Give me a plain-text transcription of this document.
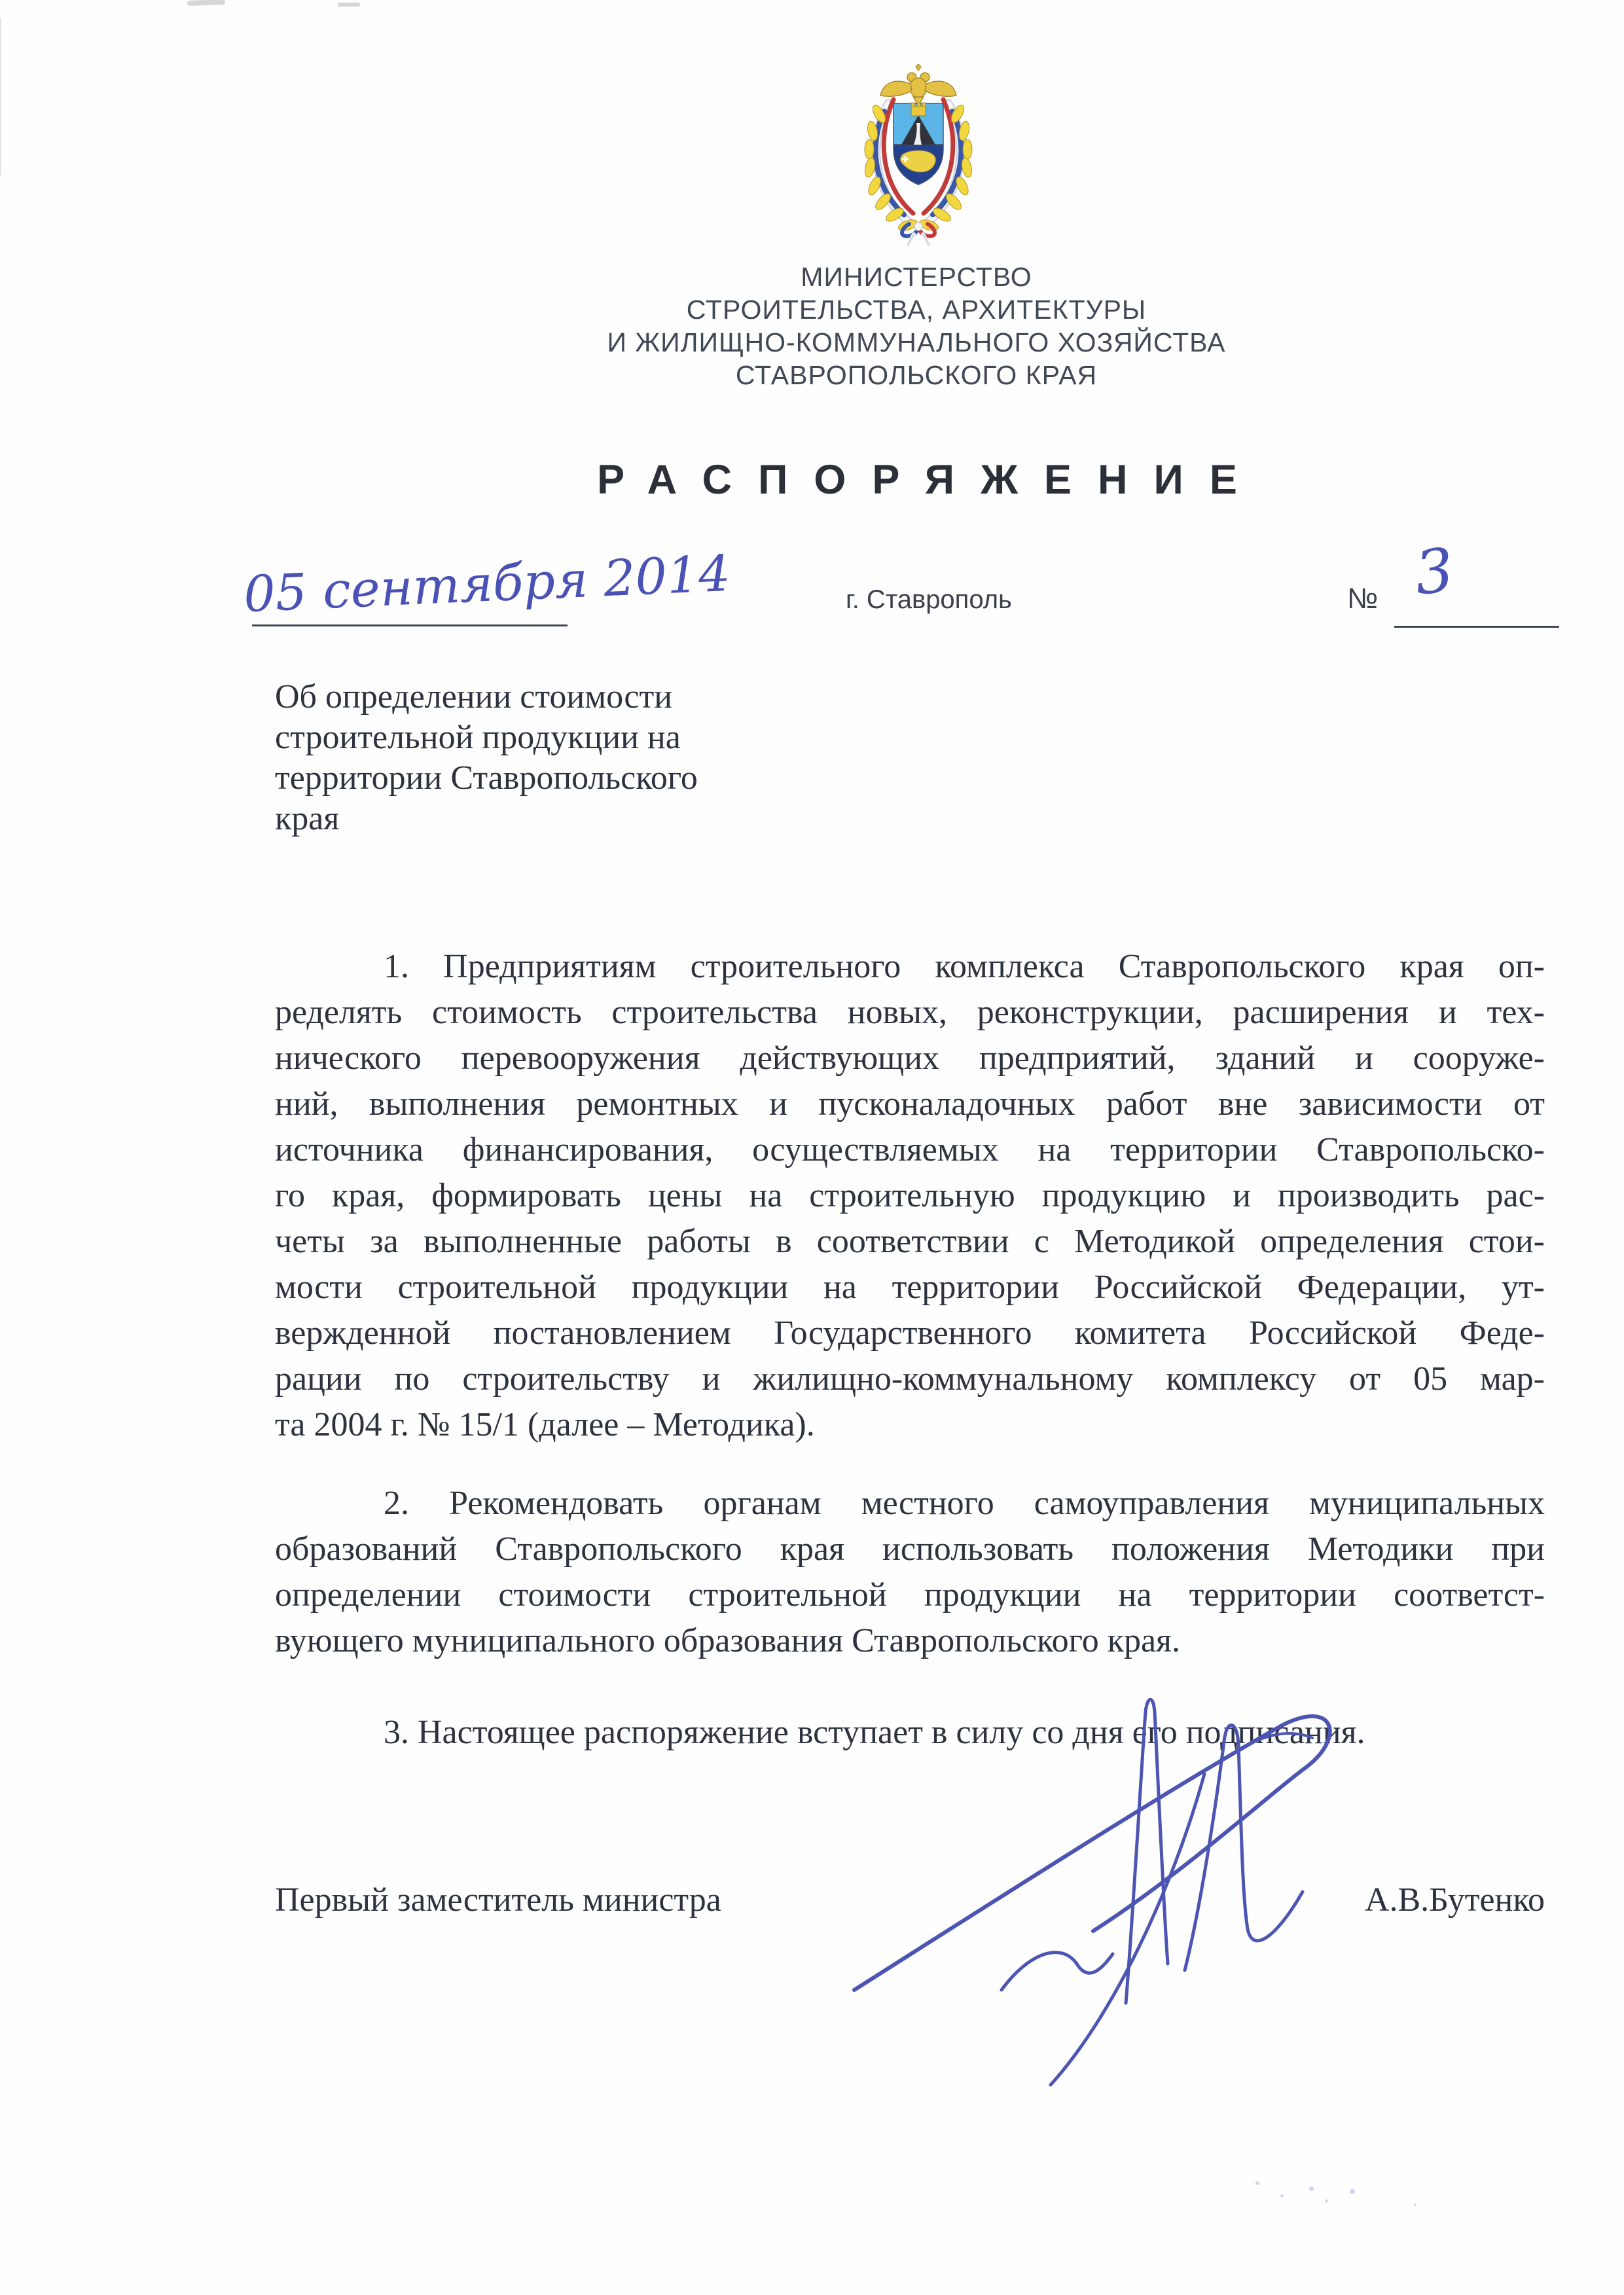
МИНИСТЕРСТВО
СТРОИТЕЛЬСТВА, АРХИТЕКТУРЫ
И ЖИЛИЩНО-КОММУНАЛЬНОГО ХОЗЯЙСТВА
СТАВРОПОЛЬСКОГО КРАЯ
РАСПОРЯЖЕНИЕ
05 сентября 2014	г. Ставрополь	№ 3
Об определении стоимости
строительной продукции на
территории Ставропольского
края
1. Предприятиям строительного комплекса Ставропольского края оп-
ределять стоимость строительства новых, реконструкции, расширения и тех-
нического перевооружения действующих предприятий, зданий и сооруже-
ний, выполнения ремонтных и пусконаладочных работ вне зависимости от
источника финансирования, осуществляемых на территории Ставропольско-
го края, формировать цены на строительную продукцию и производить рас-
четы за выполненные работы в соответствии с Методикой определения стои-
мости строительной продукции на территории Российской Федерации, ут-
вержденной постановлением Государственного комитета Российской Феде-
рации по строительству и жилищно-коммунальному комплексу от 05 мар-
та 2004 г. № 15/1 (далее – Методика).
2. Рекомендовать органам местного самоуправления муниципальных
образований Ставропольского края использовать положения Методики при
определении стоимости строительной продукции на территории соответст-
вующего муниципального образования Ставропольского края.
3. Настоящее распоряжение вступает в силу со дня его подписания.
Первый заместитель министра	А.В.Бутенко
